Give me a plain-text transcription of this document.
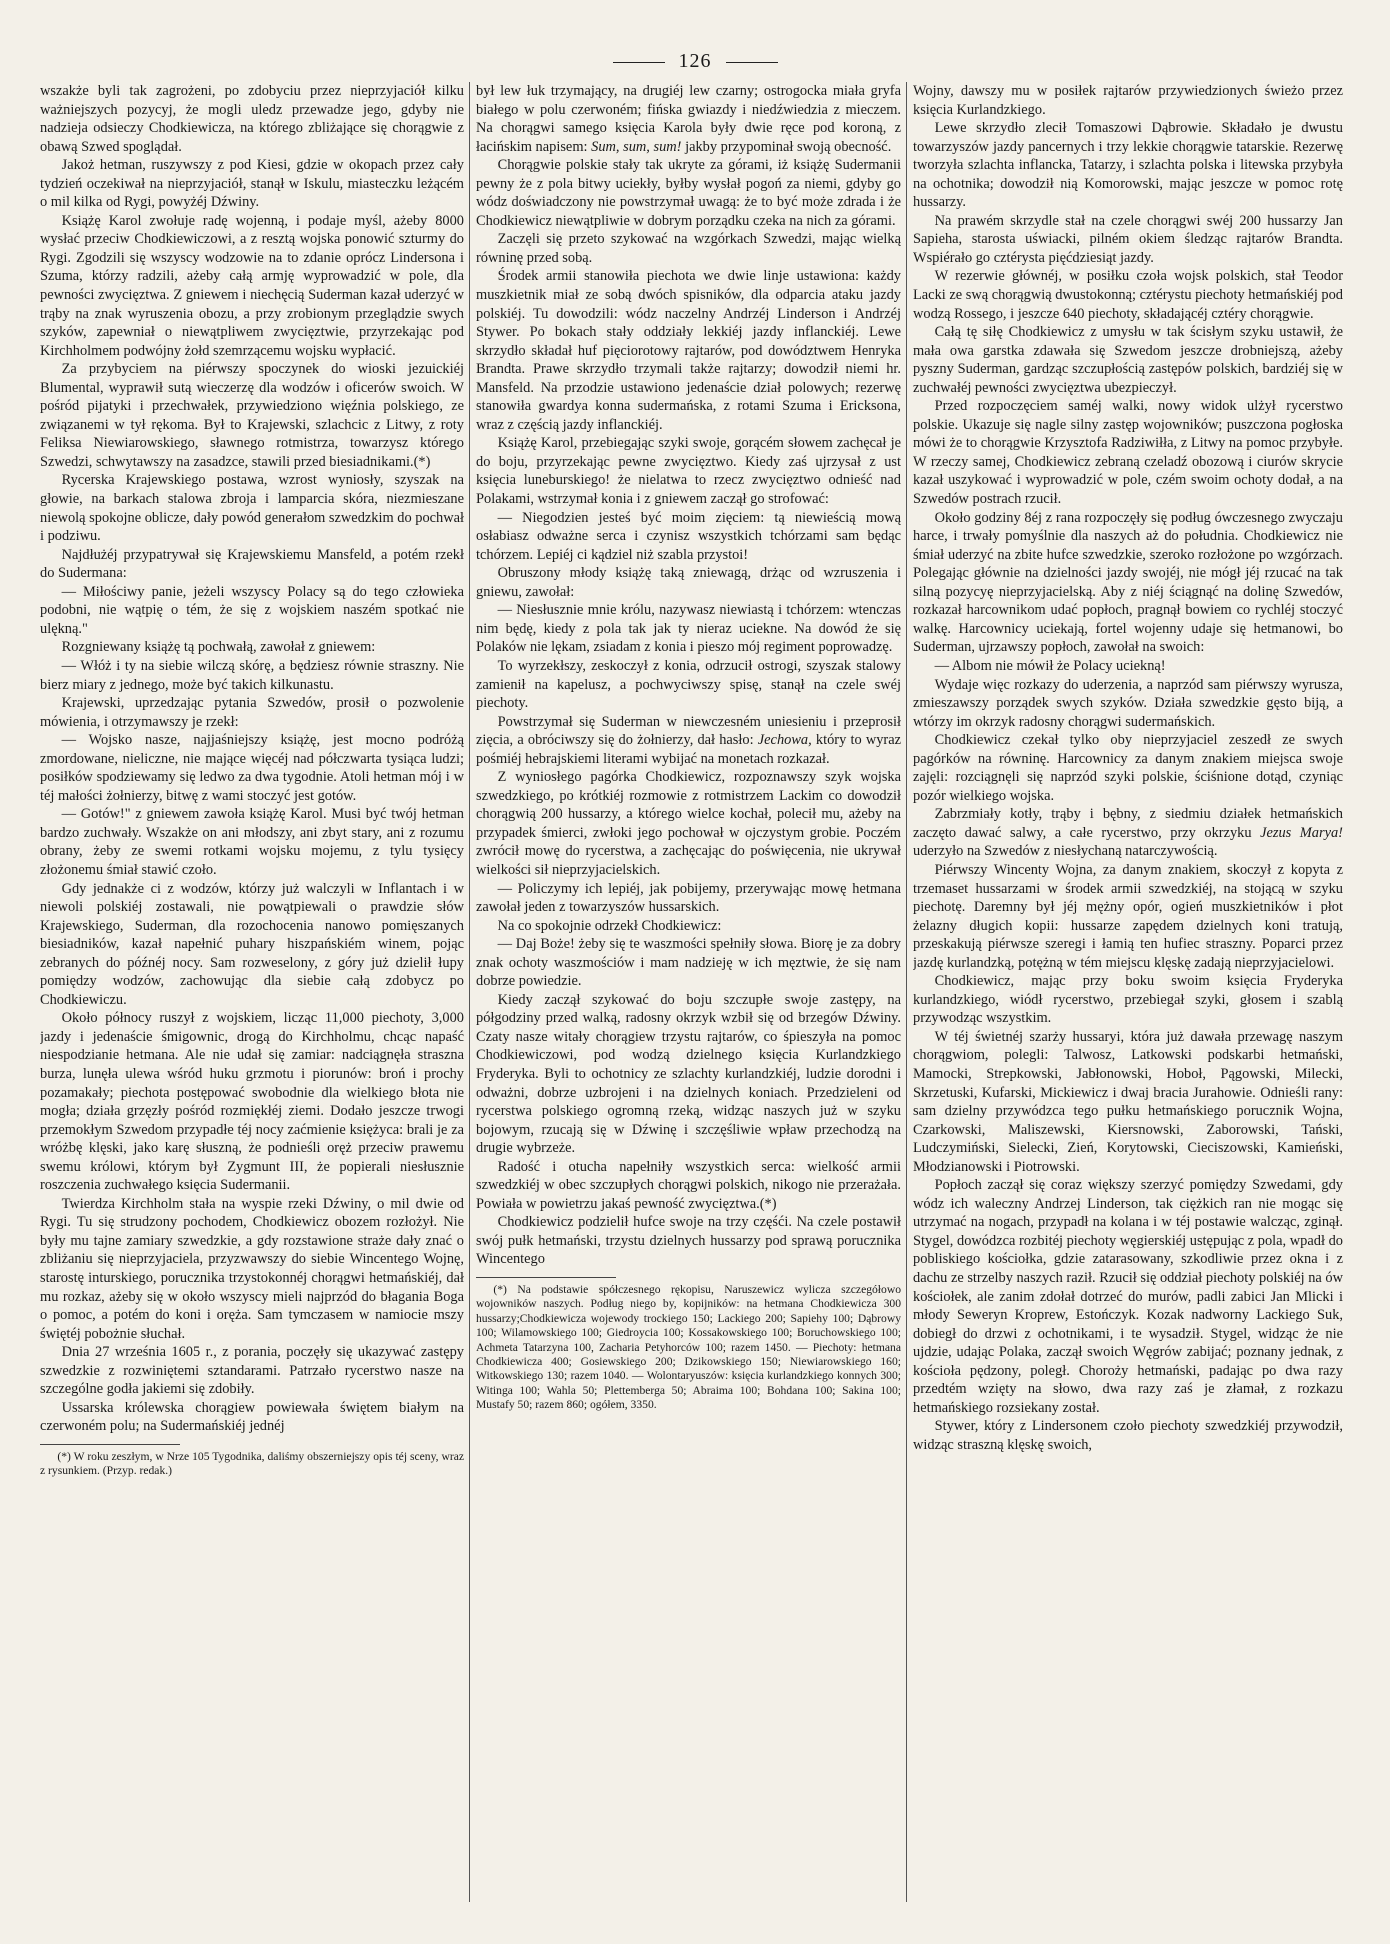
126

wszakże byli tak zagrożeni, po zdobyciu przez nieprzyjaciół kilku ważniejszych pozycyj, że mogli uledz przewadze jego, gdyby nie nadzieja odsieczy Chodkiewicza, na którego zbliżające się chorągwie z obawą Szwed spoglądał.

Jakoż hetman, ruszywszy z pod Kiesi, gdzie w okopach przez cały tydzień oczekiwał na nieprzyjaciół, stanął w Iskulu, miasteczku leżącém o mil kilka od Rygi, powyżéj Dźwiny.

Książę Karol zwołuje radę wojenną, i podaje myśl, ażeby 8000 wysłać przeciw Chodkiewiczowi, a z resztą wojska ponowić szturmy do Rygi. Zgodzili się wszyscy wodzowie na to zdanie oprócz Lindersona i Szuma, którzy radzili, ażeby całą armję wyprowadzić w pole, dla pewności zwycięztwa. Z gniewem i niechęcią Suderman kazał uderzyć w trąby na znak wyruszenia obozu, a przy zrobionym przeglądzie swych szyków, zapewniał o niewątpliwem zwycięztwie, przyrzekając pod Kirchholmem podwójny żołd szemrzącemu wojsku wypłacić.

Za przybyciem na piérwszy spoczynek do wioski jezuickiéj Blumental, wyprawił sutą wieczerzę dla wodzów i oficerów swoich. W pośród pijatyki i przechwałek, przywiedziono więźnia polskiego, ze związanemi w tył rękoma. Był to Krajewski, szlachcic z Litwy, z roty Feliksa Niewiarowskiego, sławnego rotmistrza, towarzysz którego Szwedzi, schwytawszy na zasadzce, stawili przed biesiadnikami.(*)

Rycerska Krajewskiego postawa, wzrost wyniosły, szyszak na głowie, na barkach stalowa zbroja i lamparcia skóra, niezmieszane niewolą spokojne oblicze, dały powód generałom szwedzkim do pochwał i podziwu.

Najdłużéj przypatrywał się Krajewskiemu Mansfeld, a potém rzekł do Sudermana:

— Miłościwy panie, jeżeli wszyscy Polacy są do tego człowieka podobni, nie wątpię o tém, że się z wojskiem naszém spotkać nie ulękną."

Rozgniewany książę tą pochwałą, zawołał z gniewem:

— Włóż i ty na siebie wilczą skórę, a będziesz równie straszny. Nie bierz miary z jednego, może być takich kilkunastu.

Krajewski, uprzedzając pytania Szwedów, prosił o pozwolenie mówienia, i otrzymawszy je rzekł:

— Wojsko nasze, najjaśniejszy książę, jest mocno podróżą zmordowane, nieliczne, nie mające więcéj nad półczwarta tysiąca ludzi; posiłków spodziewamy się ledwo za dwa tygodnie. Atoli hetman mój i w téj małości żołnierzy, bitwę z wami stoczyć jest gotów.

— Gotów!" z gniewem zawoła książę Karol. Musi być twój hetman bardzo zuchwały. Wszakże on ani młodszy, ani zbyt stary, ani z rozumu obrany, żeby ze swemi rotkami wojsku mojemu, z tylu tysięcy złożonemu śmiał stawić czoło.

Gdy jednakże ci z wodzów, którzy już walczyli w Inflantach i w niewoli polskiéj zostawali, nie powątpiewali o prawdzie słów Krajewskiego, Suderman, dla rozochocenia nanowo pomięszanych biesiadników, kazał napełnić puhary hiszpańskiém winem, pojąc zebranych do późnéj nocy. Sam rozweselony, z góry już dzielił łupy pomiędzy wodzów, zachowując dla siebie całą zdobycz po Chodkiewiczu.

Około północy ruszył z wojskiem, licząc 11,000 piechoty, 3,000 jazdy i jedenaście śmigownic, drogą do Kirchholmu, chcąc napaść niespodzianie hetmana. Ale nie udał się zamiar: nadciągnęła straszna burza, lunęła ulewa wśród huku grzmotu i piorunów: broń i prochy pozamakały; piechota postępować swobodnie dla wielkiego błota nie mogła; działa grzęzły pośród rozmiękłéj ziemi. Dodało jeszcze trwogi przemokłym Szwedom przypadłe téj nocy zaćmienie księżyca: brali je za wróżbę klęski, jako karę słuszną, że podnieśli oręż przeciw prawemu swemu królowi, którym był Zygmunt III, że popierali niesłusznie roszczenia zuchwałego księcia Sudermanii.

Twierdza Kirchholm stała na wyspie rzeki Dźwiny, o mil dwie od Rygi. Tu się strudzony pochodem, Chodkiewicz obozem rozłożył. Nie były mu tajne zamiary szwedzkie, a gdy rozstawione straże dały znać o zbliżaniu się nieprzyjaciela, przyzwawszy do siebie Wincentego Wojnę, starostę inturskiego, porucznika trzystokonnéj chorągwi hetmańskiéj, dał mu rozkaz, ażeby się w około wszyscy mieli najprzód do błagania Boga o pomoc, a potém do koni i oręża. Sam tymczasem w namiocie mszy świętéj pobożnie słuchał.

Dnia 27 września 1605 r., z porania, poczęły się ukazywać zastępy szwedzkie z rozwiniętemi sztandarami. Patrzało rycerstwo nasze na szczególne godła jakiemi się zdobiły.

Ussarska królewska chorągiew powiewała świętem białym na czerwoném polu; na Sudermańskiéj jednéj

(*) W roku zeszłym, w Nrze 105 Tygodnika, daliśmy obszerniejszy opis téj sceny, wraz z rysunkiem. (Przyp. redak.)

był lew łuk trzymający, na drugiéj lew czarny; ostrogocka miała gryfa białego w polu czerwoném; fińska gwiazdy i niedźwiedzia z mieczem. Na chorągwi samego księcia Karola były dwie ręce pod koroną, z łacińskim napisem: Sum, sum, sum! jakby przypominał swoją obecność.

Chorągwie polskie stały tak ukryte za górami, iż książę Sudermanii pewny że z pola bitwy uciekły, byłby wysłał pogoń za niemi, gdyby go wódz doświadczony nie powstrzymał uwagą: że to być może zdrada i że Chodkiewicz niewątpliwie w dobrym porządku czeka na nich za górami.

Zaczęli się przeto szykować na wzgórkach Szwedzi, mając wielką równinę przed sobą.

Środek armii stanowiła piechota we dwie linje ustawiona: każdy muszkietnik miał ze sobą dwóch spisników, dla odparcia ataku jazdy polskiéj. Tu dowodzili: wódz naczelny Andrzéj Linderson i Andrzéj Stywer. Po bokach stały oddziały lekkiéj jazdy inflanckiéj. Lewe skrzydło składał huf pięciorotowy rajtarów, pod dowództwem Henryka Brandta. Prawe skrzydło trzymali także rajtarzy; dowodził niemi hr. Mansfeld. Na przodzie ustawiono jedenaście dział polowych; rezerwę stanowiła gwardya konna sudermańska, z rotami Szuma i Ericksona, wraz z częścią jazdy inflanckiéj.

Książę Karol, przebiegając szyki swoje, gorącém słowem zachęcał je do boju, przyrzekając pewne zwycięztwo. Kiedy zaś ujrzysał z ust księcia luneburskiego! że nielatwa to rzecz zwycięztwo odnieść nad Polakami, wstrzymał konia i z gniewem zaczął go strofować:

— Niegodzien jesteś być moim zięciem: tą niewieścią mową osłabiasz odważne serca i czynisz wszystkich tchórzami sam będąc tchórzem. Lepiéj ci kądziel niż szabla przystoi!

Obruszony młody książę taką zniewagą, drżąc od wzruszenia i gniewu, zawołał:

— Niesłusznie mnie królu, nazywasz niewiastą i tchórzem: wtenczas nim będę, kiedy z pola tak jak ty nieraz uciekne. Na dowód że się Polaków nie lękam, zsiadam z konia i pieszo mój regiment poprowadzę.

To wyrzekłszy, zeskoczył z konia, odrzucił ostrogi, szyszak stalowy zamienił na kapelusz, a pochwyciwszy spisę, stanął na czele swéj piechoty.

Powstrzymał się Suderman w niewczesném uniesieniu i przeprosił zięcia, a obróciwszy się do żołnierzy, dał hasło: Jechowa, który to wyraz pośmiéj hebrajskiemi literami wybijać na monetach rozkazał.

Z wyniosłego pagórka Chodkiewicz, rozpoznawszy szyk wojska szwedzkiego, po krótkiéj rozmowie z rotmistrzem Lackim co dowodził chorągwią 200 hussarzy, a którego wielce kochał, polecił mu, ażeby na przypadek śmierci, zwłoki jego pochował w ojczystym grobie. Poczém zwrócił mowę do rycerstwa, a zachęcając do poświęcenia, nie ukrywał wielkości sił nieprzyjacielskich.

— Policzymy ich lepiéj, jak pobijemy, przerywając mowę hetmana zawołał jeden z towarzyszów hussarskich.

Na co spokojnie odrzekł Chodkiewicz:

— Daj Boże! żeby się te waszmości spełniły słowa. Biorę je za dobry znak ochoty waszmościów i mam nadzieję w ich męztwie, że się nam dobrze powiedzie.

Kiedy zaczął szykować do boju szczupłe swoje zastępy, na półgodziny przed walką, radosny okrzyk wzbił się od brzegów Dźwiny. Czaty nasze witały chorągiew trzystu rajtarów, co śpieszyła na pomoc Chodkiewiczowi, pod wodzą dzielnego księcia Kurlandzkiego Fryderyka. Byli to ochotnicy ze szlachty kurlandzkiéj, ludzie dorodni i odważni, dobrze uzbrojeni i na dzielnych koniach. Przedzieleni od rycerstwa polskiego ogromną rzeką, widząc naszych już w szyku bojowym, rzucają się w Dźwinę i szczęśliwie wpław przechodzą na drugie wybrzeże.

Radość i otucha napełniły wszystkich serca: wielkość armii szwedzkiéj w obec szczupłych chorągwi polskich, nikogo nie przerażała. Powiała w powietrzu jakaś pewność zwycięztwa.(*)

Chodkiewicz podzielił hufce swoje na trzy częśći. Na czele postawił swój pułk hetmański, trzystu dzielnych hussarzy pod sprawą porucznika Wincentego

(*) Na podstawie spółczesnego rękopisu, Naruszewicz wylicza szczegółowo wojowników naszych. Podług niego by, kopijników: na hetmana Chodkiewicza 300 hussarzy;Chodkiewicza wojewody trockiego 150; Lackiego 200; Sapiehy 100; Dąbrowy 100; Wilamowskiego 100; Giedroycia 100; Kossakowskiego 100; Boruchowskiego 100; Achmeta Tatarzyna 100, Zacharia Petyhorców 100; razem 1450. — Piechoty: hetmana Chodkiewicza 400; Gosiewskiego 200; Dzikowskiego 150; Niewiarowskiego 160; Witkowskiego 130; razem 1040. — Wolontaryuszów: księcia kurlandzkiego konnych 300; Witinga 100; Wahla 50; Plettemberga 50; Abraima 100; Bohdana 100; Sakina 100; Mustafy 50; razem 860; ogółem, 3350.

Wojny, dawszy mu w posiłek rajtarów przywiedzionych świeżo przez księcia Kurlandzkiego.

Lewe skrzydło zlecił Tomaszowi Dąbrowie. Składało je dwustu towarzyszów jazdy pancernych i trzy lekkie chorągwie tatarskie. Rezerwę tworzyła szlachta inflancka, Tatarzy, i szlachta polska i litewska przybyła na ochotnika; dowodził nią Komorowski, mając jeszcze w pomoc rotę hussarzy.

Na prawém skrzydle stał na czele chorągwi swéj 200 hussarzy Jan Sapieha, starosta uświacki, pilném okiem śledząc rajtarów Brandta. Wspiérało go cztérysta pięćdziesiąt jazdy.

W rezerwie głównéj, w posiłku czoła wojsk polskich, stał Teodor Lacki ze swą chorągwią dwustokonną; cztérystu piechoty hetmańskiéj pod wodzą Rossego, i jeszcze 640 piechoty, składającéj cztéry chorągwie.

Całą tę siłę Chodkiewicz z umysłu w tak ścisłym szyku ustawił, że mała owa garstka zdawała się Szwedom jeszcze drobniejszą, ażeby pyszny Suderman, gardząc szczupłością zastępów polskich, bardziéj się w zuchwałéj pewności zwycięztwa ubezpieczył.

Przed rozpoczęciem saméj walki, nowy widok ulżył rycerstwo polskie. Ukazuje się nagle silny zastęp wojowników; puszczona pogłoska mówi że to chorągwie Krzysztofa Radziwiłła, z Litwy na pomoc przybyłe. W rzeczy samej, Chodkiewicz zebraną czeladź obozową i ciurów skrycie kazał uszykować i wyprowadzić w pole, czém swoim ochoty dodał, a na Szwedów postrach rzucił.

Około godziny 8éj z rana rozpoczęły się podług ówczesnego zwyczaju harce, i trwały pomyślnie dla naszych aż do południa. Chodkiewicz nie śmiał uderzyć na zbite hufce szwedzkie, szeroko rozłożone po wzgórzach. Polegając głównie na dzielności jazdy swojéj, nie mógł jéj rzucać na tak silną pozycyę nieprzyjacielską. Aby z niéj ściągnąć na dolinę Szwedów, rozkazał harcownikom udać popłoch, pragnął bowiem co rychléj stoczyć walkę. Harcownicy uciekają, fortel wojenny udaje się hetmanowi, bo Suderman, ujrzawszy popłoch, zawołał na swoich:

— Albom nie mówił że Polacy uciekną!

Wydaje więc rozkazy do uderzenia, a naprzód sam piérwszy wyrusza, zmieszawszy porządek swych szyków. Działa szwedzkie gęsto biją, a wtórzy im okrzyk radosny chorągwi sudermańskich.

Chodkiewicz czekał tylko oby nieprzyjaciel zeszedł ze swych pagórków na równinę. Harcownicy za danym znakiem miejsca swoje zajęli: rozciągnęli się naprzód szyki polskie, ściśnione dotąd, czyniąc pozór wielkiego wojska.

Zabrzmiały kotły, trąby i bębny, z siedmiu działek hetmańskich zaczęto dawać salwy, a całe rycerstwo, przy okrzyku Jezus Marya! uderzyło na Szwedów z niesłychaną natarczywością.

Piérwszy Wincenty Wojna, za danym znakiem, skoczył z kopyta z trzemaset hussarzami w środek armii szwedzkiéj, na stojącą w szyku piechotę. Daremny był jéj mężny opór, ogień muszkietników i płot żelazny długich kopii: hussarze zapędem dzielnych koni tratują, przeskakują piérwsze szeregi i łamią ten hufiec straszny. Poparci przez jazdę kurlandzką, potężną w tém miejscu klęskę zadają nieprzyjacielowi.

Chodkiewicz, mając przy boku swoim księcia Fryderyka kurlandzkiego, wiódł rycerstwo, przebiegał szyki, głosem i szablą przywodząc wszystkim.

W téj świetnéj szarży hussaryi, która już dawała przewagę naszym chorągwiom, polegli: Talwosz, Latkowski podskarbi hetmański, Mamocki, Strepkowski, Jabłonowski, Hoboł, Pągowski, Milecki, Skrzetuski, Kufarski, Mickiewicz i dwaj bracia Jurahowie. Odnieśli rany: sam dzielny przywódzca tego pułku hetmańskiego porucznik Wojna, Czarkowski, Maliszewski, Kiersnowski, Zaborowski, Tański, Ludczymiński, Sielecki, Zień, Korytowski, Cieciszowski, Kamieński, Młodzianowski i Piotrowski.

Popłoch zaczął się coraz większy szerzyć pomiędzy Szwedami, gdy wódz ich waleczny Andrzej Linderson, tak ciężkich ran nie mogąc się utrzymać na nogach, przypadł na kolana i w téj postawie walcząc, zginął. Stygel, dowódzca rozbitéj piechoty węgierskiéj ustępując z pola, wpadł do pobliskiego kościołka, gdzie zatarasowany, szkodliwie przez okna i z dachu ze strzelby naszych raził. Rzucił się oddział piechoty polskiéj na ów kościołek, ale zanim zdołał dotrzeć do murów, padli zabici Jan Mlicki i młody Seweryn Kroprew, Estończyk. Kozak nadworny Lackiego Suk, dobiegł do drzwi z ochotnikami, i te wysadził. Stygel, widząc że nie ujdzie, udając Polaka, zaczął swoich Węgrów zabijać; poznany jednak, z kościoła pędzony, poległ. Choroży hetmański, padając po dwa razy przedtém wzięty na słowo, dwa razy zaś je złamał, z rozkazu hetmańskiego rozsiekany został.

Stywer, który z Lindersonem czoło piechoty szwedzkiéj przywodził, widząc straszną klęskę swoich,
